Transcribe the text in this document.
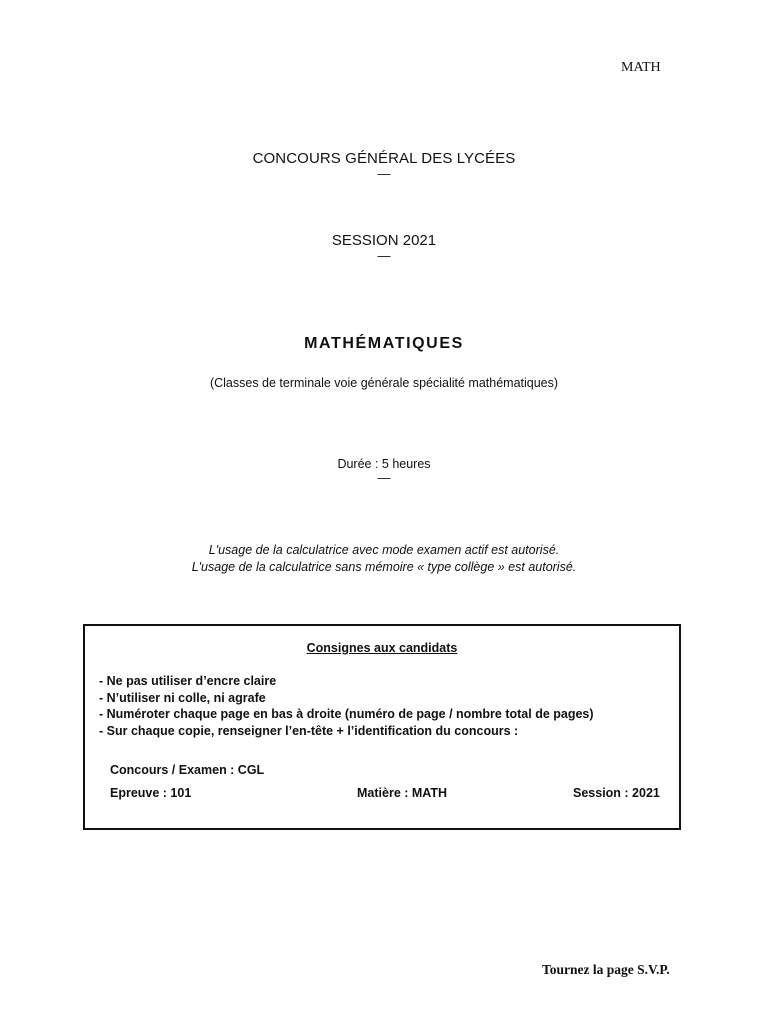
MATH
CONCOURS GÉNÉRAL DES LYCÉES
—
SESSION 2021
—
MATHÉMATIQUES
(Classes de terminale voie générale spécialité mathématiques)
Durée : 5 heures
—
L'usage de la calculatrice avec mode examen actif est autorisé.
L'usage de la calculatrice sans mémoire « type collège » est autorisé.
Consignes aux candidats
- Ne pas utiliser d’encre claire
- N’utiliser ni colle, ni agrafe
- Numéroter chaque page en bas à droite (numéro de page / nombre total de pages)
- Sur chaque copie, renseigner l’en-tête + l’identification du concours :
Concours / Examen : CGL
Epreuve : 101	Matière : MATH	Session : 2021
Tournez la page S.V.P.
